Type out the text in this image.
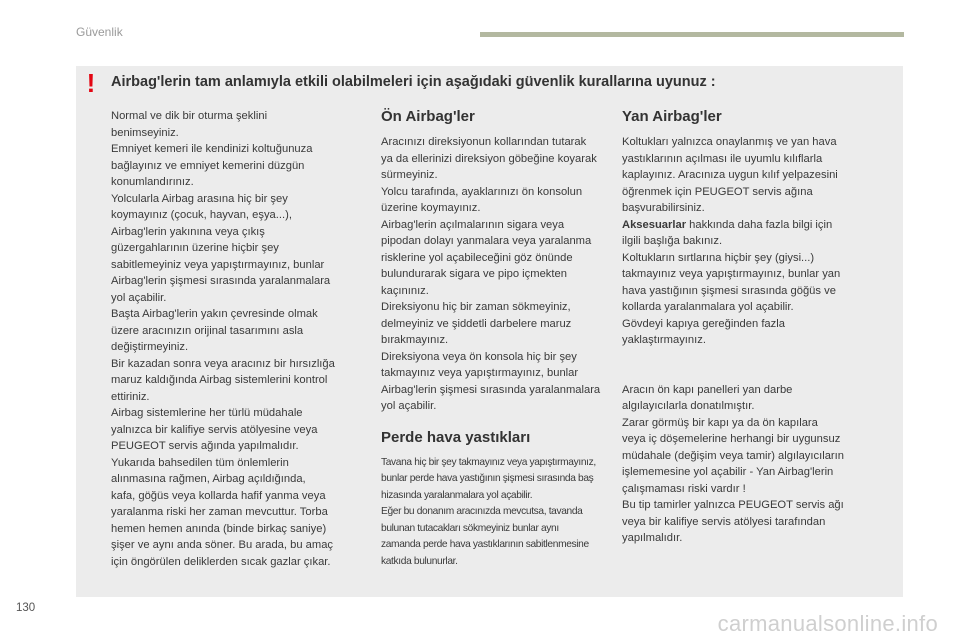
Güvenlik
! Airbag'lerin tam anlamıyla etkili olabilmeleri için aşağıdaki güvenlik kurallarına uyunuz :

Normal ve dik bir oturma şeklini

benimseyiniz.

Emniyet kemeri ile kendinizi koltuğunuza

bağlayınız ve emniyet kemerini düzgün

konumlandırınız.

Yolcularla Airbag arasına hiç bir şey

koymayınız (çocuk, hayvan, eşya...),

Airbag'lerin yakınına veya çıkış

güzergahlarının üzerine hiçbir şey

sabitlemeyiniz veya yapıştırmayınız, bunlar

Airbag'lerin şişmesi sırasında yaralanmalara

yol açabilir.

Başta Airbag'lerin yakın çevresinde olmak

üzere aracınızın orijinal tasarımını asla

değiştirmeyiniz.

Bir kazadan sonra veya aracınız bir hırsızlığa

maruz kaldığında Airbag sistemlerini kontrol

ettiriniz.

Airbag sistemlerine her türlü müdahale

yalnızca bir kalifiye servis atölyesine veya

PEUGEOT servis ağında yapılmalıdır.

Yukarıda bahsedilen tüm önlemlerin

alınmasına rağmen, Airbag açıldığında,

kafa, göğüs veya kollarda hafif yanma veya

yaralanma riski her zaman mevcuttur. Torba

hemen hemen anında (binde birkaç saniye)

şişer ve aynı anda söner. Bu arada, bu amaç

için öngörülen deliklerden sıcak gazlar çıkar.

Ön Airbag'ler

Aracınızı direksiyonun kollarından tutarak

ya da ellerinizi direksiyon göbeğine koyarak

sürmeyiniz.

Yolcu tarafında, ayaklarınızı ön konsolun

üzerine koymayınız.

Airbag'lerin açılmalarının sigara veya

pipodan dolayı yanmalara veya yaralanma

risklerine yol açabileceğini göz önünde

bulundurarak sigara ve pipo içmekten

kaçınınız.

Direksiyonu hiç bir zaman sökmeyiniz,

delmeyiniz ve şiddetli darbelere maruz

bırakmayınız.

Direksiyona veya ön konsola hiç bir şey

takmayınız veya yapıştırmayınız, bunlar

Airbag'lerin şişmesi sırasında yaralanmalara

yol açabilir.

Perde hava yastıkları

Tavana hiç bir şey takmayınız veya yapıştırmayınız,

bunlar perde hava yastığının şişmesi sırasında baş

hizasında yaralanmalara yol açabilir.

Eğer bu donanım aracınızda mevcutsa, tavanda

bulunan tutacakları sökmeyiniz bunlar aynı

zamanda perde hava yastıklarının sabitlenmesine

katkıda bulunurlar.

Yan Airbag'ler

Koltukları yalnızca onaylanmış ve yan hava

yastıklarının açılması ile uyumlu kılıflarla

kaplayınız. Aracınıza uygun kılıf yelpazesini

öğrenmek için PEUGEOT servis ağına

başvurabilirsiniz.

Aksesuarlar hakkında daha fazla bilgi için

ilgili başlığa bakınız.

Koltukların sırtlarına hiçbir şey (giysi...)

takmayınız veya yapıştırmayınız, bunlar yan

hava yastığının şişmesi sırasında göğüs ve

kollarda yaralanmalara yol açabilir.

Gövdeyi kapıya gereğinden fazla

yaklaştırmayınız.

Aracın ön kapı panelleri yan darbe

algılayıcılarla donatılmıştır.

Zarar görmüş bir kapı ya da ön kapılara

veya iç döşemelerine herhangi bir uygunsuz

müdahale (değişim veya tamir) algılayıcıların

işlememesine yol açabilir - Yan Airbag'lerin

çalışmaması riski vardır !

Bu tip tamirler yalnızca PEUGEOT servis ağı

veya bir kalifiye servis atölyesi tarafından

yapılmalıdır.

130
carmanualsonline.info
